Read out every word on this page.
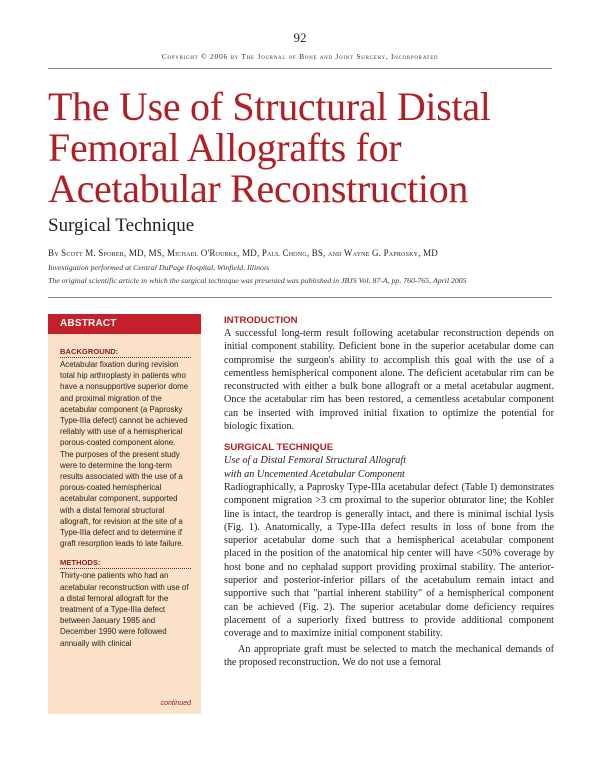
92
Copyright © 2006 by The Journal of Bone and Joint Surgery, Incorporated
The Use of Structural Distal Femoral Allografts for Acetabular Reconstruction
Surgical Technique
By Scott M. Sporer, MD, MS, Michael O'Rourke, MD, Paul Chong, BS, and Wayne G. Paprosky, MD
Investigation performed at Central DuPage Hospital, Winfield, Illinois
The original scientific article in which the surgical technique was presented was published in JBJS Vol. 87-A, pp. 760-765, April 2005
ABSTRACT
BACKGROUND:

Acetabular fixation during revision total hip arthroplasty in patients who have a nonsupportive superior dome and proximal migration of the acetabular component (a Paprosky Type-IIIa defect) cannot be achieved reliably with use of a hemispherical porous-coated component alone. The purposes of the present study were to determine the long-term results associated with the use of a porous-coated hemispherical acetabular component, supported with a distal femoral structural allograft, for revision at the site of a Type-IIIa defect and to determine if graft resorption leads to late failure.

METHODS:

Thirty-one patients who had an acetabular reconstruction with use of a distal femoral allograft for the treatment of a Type-IIIa defect between January 1985 and December 1990 were followed annually with clinical

continued
INTRODUCTION

A successful long-term result following acetabular reconstruction depends on initial component stability. Deficient bone in the superior acetabular dome can compromise the surgeon's ability to accomplish this goal with the use of a cementless hemispherical component alone. The deficient acetabular rim can be reconstructed with either a bulk bone allograft or a metal acetabular augment. Once the acetabular rim has been restored, a cementless acetabular component can be inserted with improved initial fixation to optimize the potential for biologic fixation.

SURGICAL TECHNIQUE
Use of a Distal Femoral Structural Allograft
with an Uncemented Acetabular Component

Radiographically, a Paprosky Type-IIIa acetabular defect (Table I) demonstrates component migration >3 cm proximal to the superior obturator line; the Kohler line is intact, the teardrop is generally intact, and there is minimal ischial lysis (Fig. 1). Anatomically, a Type-IIIa defect results in loss of bone from the superior acetabular dome such that a hemispherical acetabular component placed in the position of the anatomical hip center will have <50% coverage by host bone and no cephalad support providing proximal stability. The anterior-superior and posterior-inferior pillars of the acetabulum remain intact and supportive such that "partial inherent stability" of a hemispherical component can be achieved (Fig. 2). The superior acetabular dome deficiency requires placement of a superiorly fixed buttress to provide additional component coverage and to maximize initial component stability.

An appropriate graft must be selected to match the mechanical demands of the proposed reconstruction. We do not use a femoral
